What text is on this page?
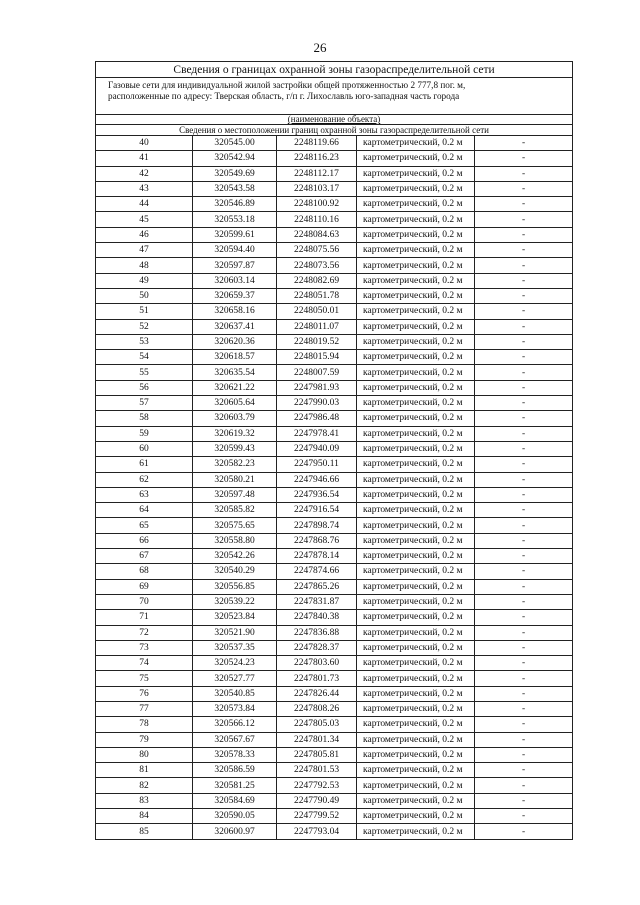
26
Сведения о границах охранной зоны газораспределительной сети				

Газовые сети для индивидуальной жилой застройки общей протяженностью 2 777,8 пог. м,
расположенные по адресу: Тверская область, г/п г. Лихославль юго-западная часть города				

(наименование объекта)				
Сведения о местоположении границ охранной зоны газораспределительной сети				
40	320545.00	2248119.66	картометрический, 0.2 м	-
41	320542.94	2248116.23	картометрический, 0.2 м	-
42	320549.69	2248112.17	картометрический, 0.2 м	-
43	320543.58	2248103.17	картометрический, 0.2 м	-
44	320546.89	2248100.92	картометрический, 0.2 м	-
45	320553.18	2248110.16	картометрический, 0.2 м	-
46	320599.61	2248084.63	картометрический, 0.2 м	-
47	320594.40	2248075.56	картометрический, 0.2 м	-
48	320597.87	2248073.56	картометрический, 0.2 м	-
49	320603.14	2248082.69	картометрический, 0.2 м	-
50	320659.37	2248051.78	картометрический, 0.2 м	-
51	320658.16	2248050.01	картометрический, 0.2 м	-
52	320637.41	2248011.07	картометрический, 0.2 м	-
53	320620.36	2248019.52	картометрический, 0.2 м	-
54	320618.57	2248015.94	картометрический, 0.2 м	-
55	320635.54	2248007.59	картометрический, 0.2 м	-
56	320621.22	2247981.93	картометрический, 0.2 м	-
57	320605.64	2247990.03	картометрический, 0.2 м	-
58	320603.79	2247986.48	картометрический, 0.2 м	-
59	320619.32	2247978.41	картометрический, 0.2 м	-
60	320599.43	2247940.09	картометрический, 0.2 м	-
61	320582.23	2247950.11	картометрический, 0.2 м	-
62	320580.21	2247946.66	картометрический, 0.2 м	-
63	320597.48	2247936.54	картометрический, 0.2 м	-
64	320585.82	2247916.54	картометрический, 0.2 м	-
65	320575.65	2247898.74	картометрический, 0.2 м	-
66	320558.80	2247868.76	картометрический, 0.2 м	-
67	320542.26	2247878.14	картометрический, 0.2 м	-
68	320540.29	2247874.66	картометрический, 0.2 м	-
69	320556.85	2247865.26	картометрический, 0.2 м	-
70	320539.22	2247831.87	картометрический, 0.2 м	-
71	320523.84	2247840.38	картометрический, 0.2 м	-
72	320521.90	2247836.88	картометрический, 0.2 м	-
73	320537.35	2247828.37	картометрический, 0.2 м	-
74	320524.23	2247803.60	картометрический, 0.2 м	-
75	320527.77	2247801.73	картометрический, 0.2 м	-
76	320540.85	2247826.44	картометрический, 0.2 м	-
77	320573.84	2247808.26	картометрический, 0.2 м	-
78	320566.12	2247805.03	картометрический, 0.2 м	-
79	320567.67	2247801.34	картометрический, 0.2 м	-
80	320578.33	2247805.81	картометрический, 0.2 м	-
81	320586.59	2247801.53	картометрический, 0.2 м	-
82	320581.25	2247792.53	картометрический, 0.2 м	-
83	320584.69	2247790.49	картометрический, 0.2 м	-
84	320590.05	2247799.52	картометрический, 0.2 м	-
85	320600.97	2247793.04	картометрический, 0.2 м	-
